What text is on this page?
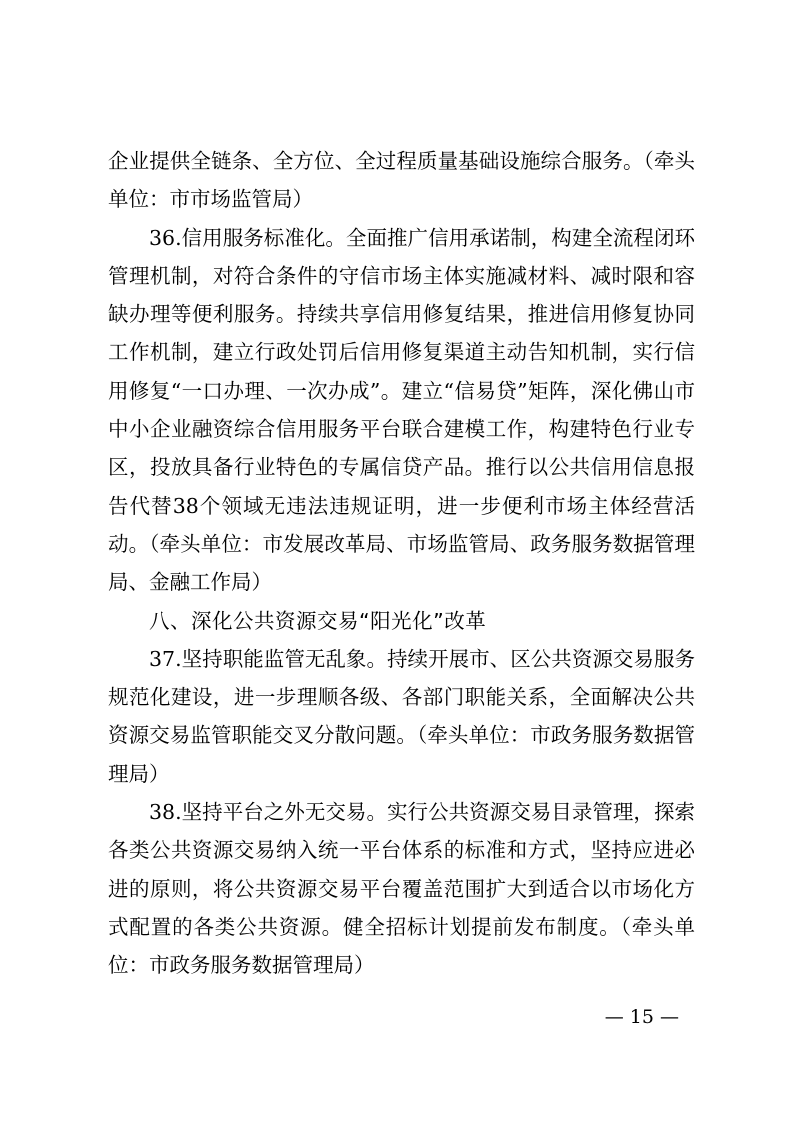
企业提供全链条、全方位、全过程质量基础设施综合服务。（牵头单位：市市场监管局）

36.信用服务标准化。全面推广信用承诺制，构建全流程闭环管理机制，对符合条件的守信市场主体实施减材料、减时限和容缺办理等便利服务。持续共享信用修复结果，推进信用修复协同工作机制，建立行政处罚后信用修复渠道主动告知机制，实行信用修复“一口办理、一次办成”。建立“信易贷”矩阵，深化佛山市中小企业融资综合信用服务平台联合建模工作，构建特色行业专区，投放具备行业特色的专属信贷产品。推行以公共信用信息报告代替38个领域无违法违规证明，进一步便利市场主体经营活动。（牵头单位：市发展改革局、市场监管局、政务服务数据管理局、金融工作局）

八、深化公共资源交易“阳光化”改革

37.坚持职能监管无乱象。持续开展市、区公共资源交易服务规范化建设，进一步理顺各级、各部门职能关系，全面解决公共资源交易监管职能交叉分散问题。（牵头单位：市政务服务数据管理局）

38.坚持平台之外无交易。实行公共资源交易目录管理，探索各类公共资源交易纳入统一平台体系的标准和方式，坚持应进必进的原则，将公共资源交易平台覆盖范围扩大到适合以市场化方式配置的各类公共资源。健全招标计划提前发布制度。（牵头单位：市政务服务数据管理局）

— 15 —
